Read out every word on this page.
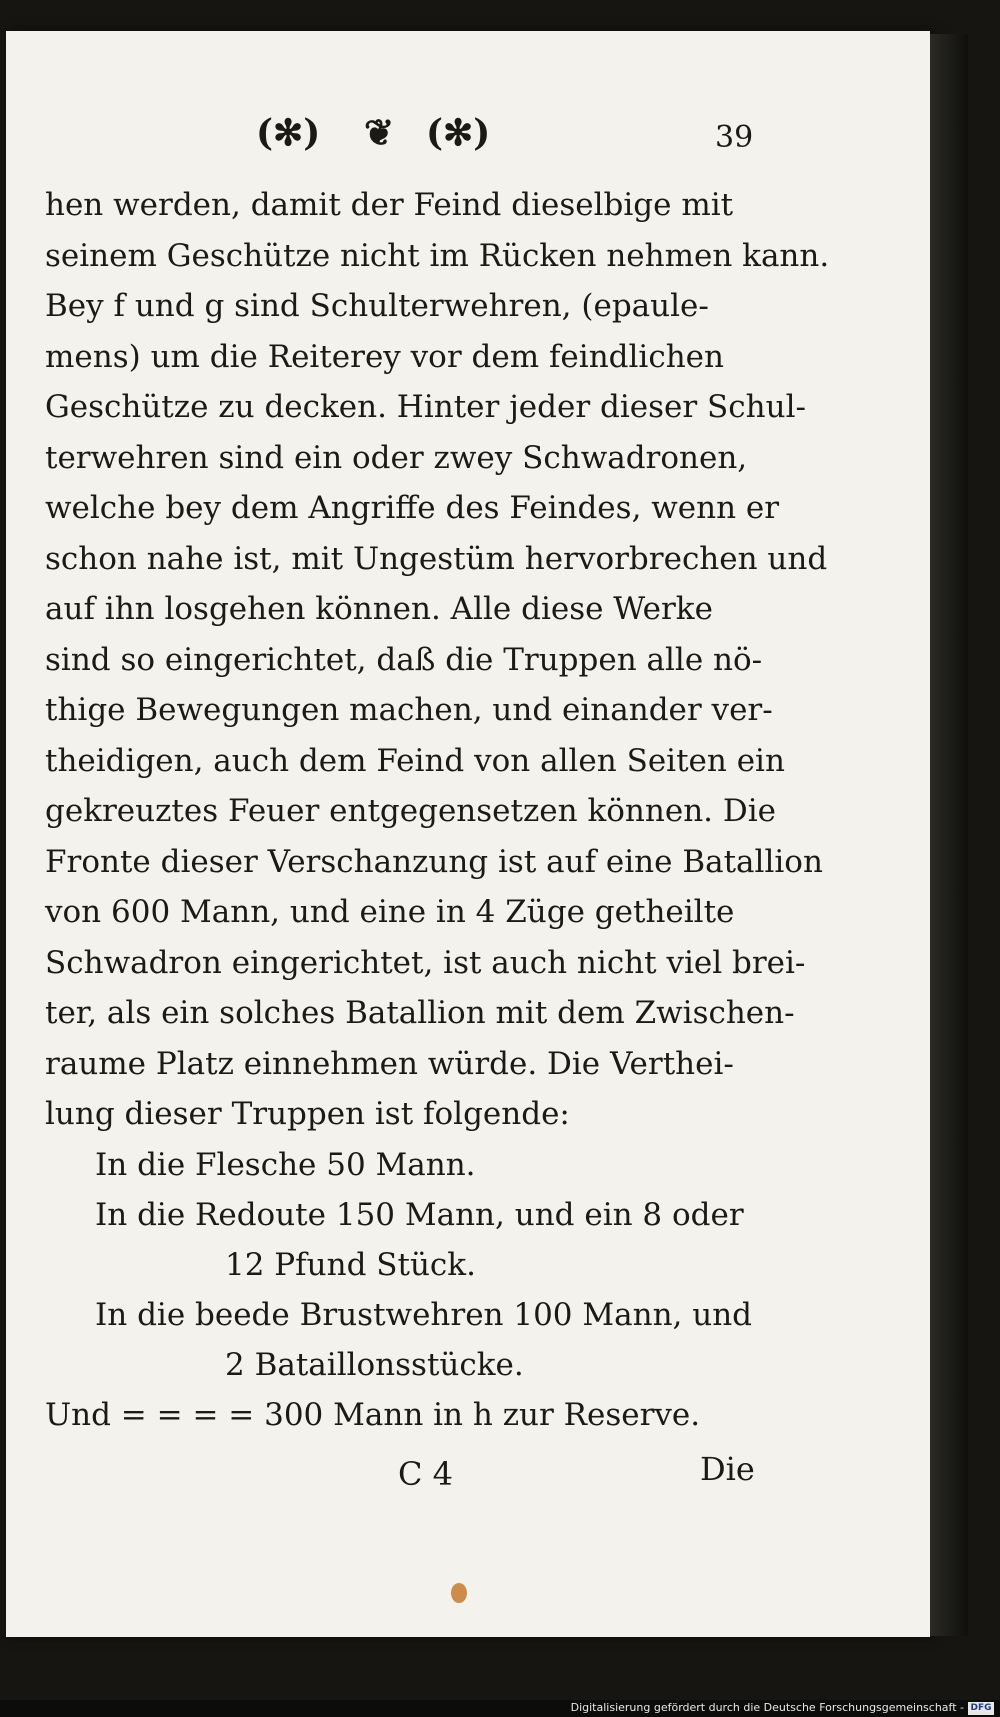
(✻) ❦ (✻)	39
hen werden, damit der Feind dieselbige mit
seinem Geschütze nicht im Rücken nehmen kann.
Bey f und g sind Schulterwehren, (epaule-
mens) um die Reiterey vor dem feindlichen
Geschütze zu decken. Hinter jeder dieser Schul-
terwehren sind ein oder zwey Schwadronen,
welche bey dem Angriffe des Feindes, wenn er
schon nahe ist, mit Ungestüm hervorbrechen und
auf ihn losgehen können. Alle diese Werke
sind so eingerichtet, daß die Truppen alle nö-
thige Bewegungen machen, und einander ver-
theidigen, auch dem Feind von allen Seiten ein
gekreuztes Feuer entgegensetzen können. Die
Fronte dieser Verschanzung ist auf eine Batallion
von 600 Mann, und eine in 4 Züge getheilte
Schwadron eingerichtet, ist auch nicht viel brei-
ter, als ein solches Batallion mit dem Zwischen-
raume Platz einnehmen würde. Die Verthei-
lung dieser Truppen ist folgende:
In die Flesche 50 Mann.
In die Redoute 150 Mann, und ein 8 oder
12 Pfund Stück.
In die beede Brustwehren 100 Mann, und
2 Bataillonsstücke.
Und = = = = 300 Mann in h zur Reserve.
C 4	Die
Digitalisierung gefördert durch die Deutsche Forschungsgemeinschaft - DFG
